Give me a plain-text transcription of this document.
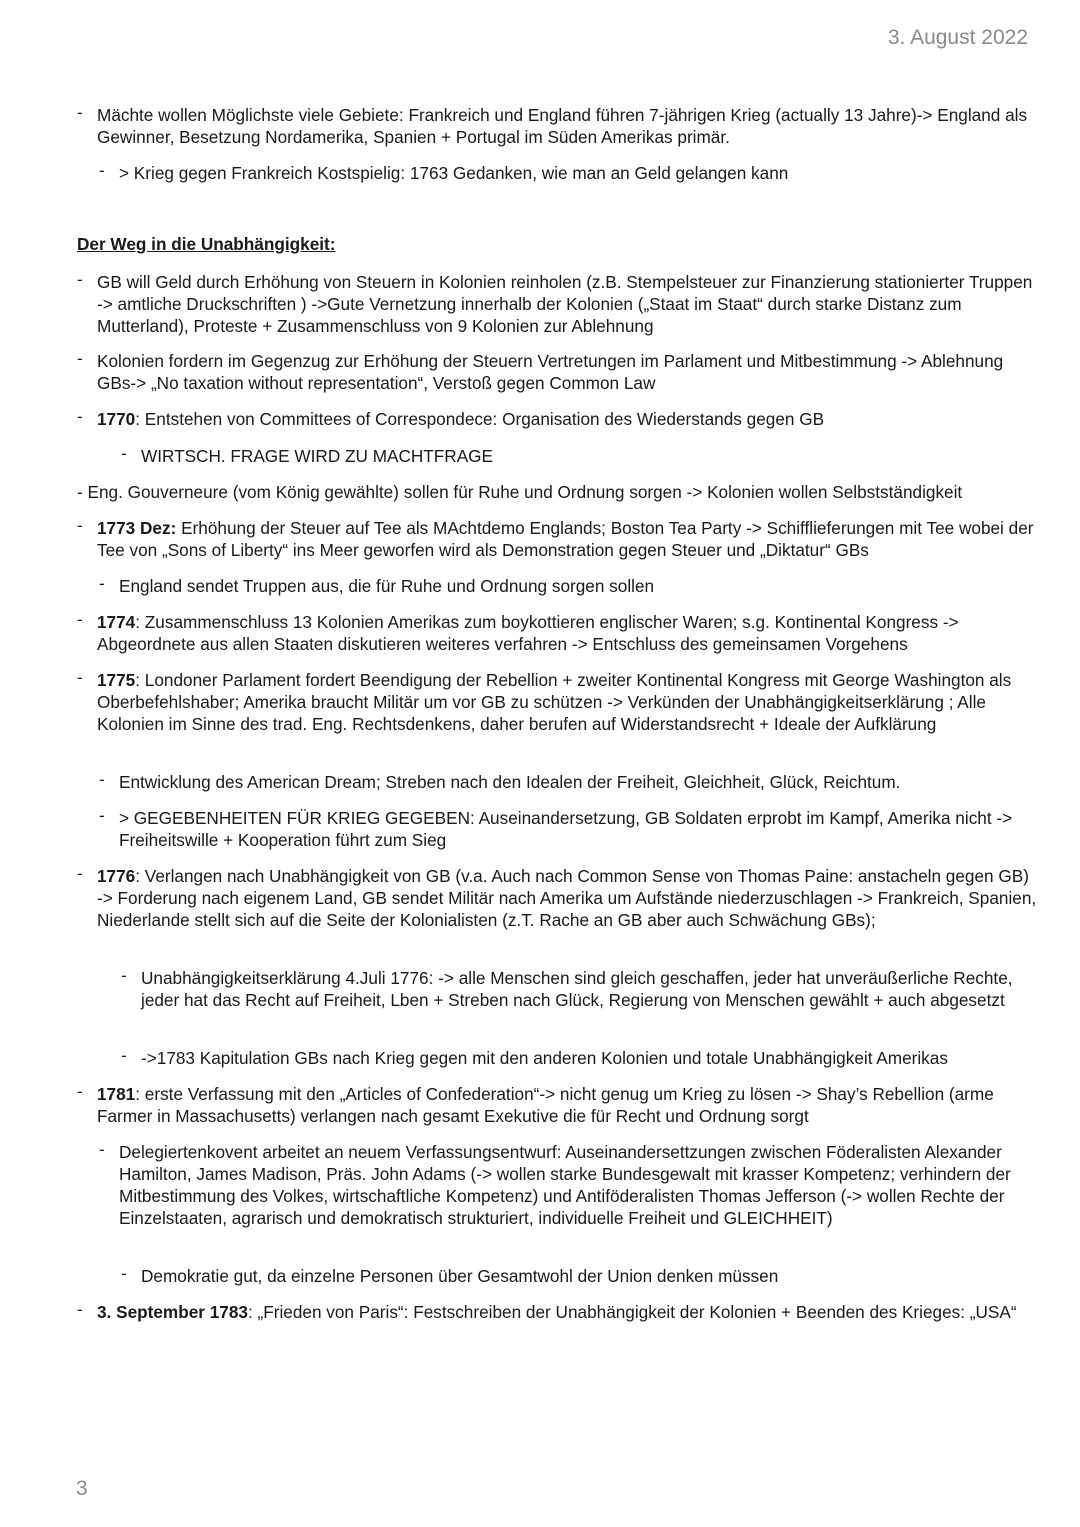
3. August 2022
- Mächte wollen Möglichste viele Gebiete: Frankreich und England führen 7-jährigen Krieg (actually 13 Jahre)-> England als Gewinner, Besetzung Nordamerika, Spanien + Portugal im Süden Amerikas primär.
- > Krieg gegen Frankreich Kostspielig: 1763 Gedanken, wie man an Geld gelangen kann
Der Weg in die Unabhängigkeit:
- GB will Geld durch Erhöhung von Steuern in Kolonien reinholen (z.B. Stempelsteuer zur Finanzierung stationierter Truppen -> amtliche Druckschriften ) ->Gute Vernetzung innerhalb der Kolonien („Staat im Staat“ durch starke Distanz zum Mutterland), Proteste + Zusammenschluss von 9 Kolonien zur Ablehnung
- Kolonien fordern im Gegenzug zur Erhöhung der Steuern Vertretungen im Parlament und Mitbestimmung -> Ablehnung GBs-> „No taxation without representation“, Verstoß gegen Common Law
- 1770: Entstehen von Committees of Correspondece: Organisation des Wiederstands gegen GB
- WIRTSCH. FRAGE WIRD ZU MACHTFRAGE
- Eng. Gouverneure (vom König gewählte) sollen für Ruhe und Ordnung sorgen -> Kolonien wollen Selbstständigkeit
- 1773 Dez: Erhöhung der Steuer auf Tee als MAchtdemo Englands; Boston Tea Party -> Schifflieferungen mit Tee wobei der Tee von „Sons of Liberty“ ins Meer geworfen wird als Demonstration gegen Steuer und „Diktatur“ GBs
- England sendet Truppen aus, die für Ruhe und Ordnung sorgen sollen
- 1774: Zusammenschluss 13 Kolonien Amerikas zum boykottieren englischer Waren; s.g. Kontinental Kongress -> Abgeordnete aus allen Staaten diskutieren weiteres verfahren -> Entschluss des gemeinsamen Vorgehens
- 1775: Londoner Parlament fordert Beendigung der Rebellion + zweiter Kontinental Kongress mit George Washington als Oberbefehlshaber; Amerika braucht Militär um vor GB zu schützen -> Verkünden der Unabhängigkeitserklärung ; Alle Kolonien im Sinne des trad. Eng. Rechtsdenkens, daher berufen auf Widerstandsrecht + Ideale der Aufklärung
- Entwicklung des American Dream; Streben nach den Idealen der Freiheit, Gleichheit, Glück, Reichtum.
- > GEGEBENHEITEN FÜR KRIEG GEGEBEN: Auseinandersetzung, GB Soldaten erprobt im Kampf, Amerika nicht -> Freiheitswille + Kooperation führt zum Sieg
- 1776: Verlangen nach Unabhängigkeit von GB (v.a. Auch nach Common Sense von Thomas Paine: anstacheln gegen GB) -> Forderung nach eigenem Land, GB sendet Militär nach Amerika um Aufstände niederzuschlagen -> Frankreich, Spanien, Niederlande stellt sich auf die Seite der Kolonialisten (z.T. Rache an GB aber auch Schwächung GBs);
- Unabhängigkeitserklärung 4.Juli 1776: -> alle Menschen sind gleich geschaffen, jeder hat unveräußerliche Rechte, jeder hat das Recht auf Freiheit, Lben + Streben nach Glück, Regierung von Menschen gewählt + auch abgesetzt
- ->1783 Kapitulation GBs nach Krieg gegen mit den anderen Kolonien und totale Unabhängigkeit Amerikas
- 1781: erste Verfassung mit den „Articles of Confederation“-> nicht genug um Krieg zu lösen -> Shay’s Rebellion (arme Farmer in Massachusetts) verlangen nach gesamt Exekutive die für Recht und Ordnung sorgt
- Delegiertenkovent arbeitet an neuem Verfassungsentwurf: Auseinandersettzungen zwischen Föderalisten Alexander Hamilton, James Madison, Präs. John Adams (-> wollen starke Bundesgewalt mit krasser Kompetenz; verhindern der Mitbestimmung des Volkes, wirtschaftliche Kompetenz) und Antiföderalisten Thomas Jefferson (-> wollen Rechte der Einzelstaaten, agrarisch und demokratisch strukturiert, individuelle Freiheit und GLEICHHEIT)
- Demokratie gut, da einzelne Personen über Gesamtwohl der Union denken müssen
- 3. September 1783: „Frieden von Paris“: Festschreiben der Unabhängigkeit der Kolonien + Beenden des Krieges: „USA“
3
